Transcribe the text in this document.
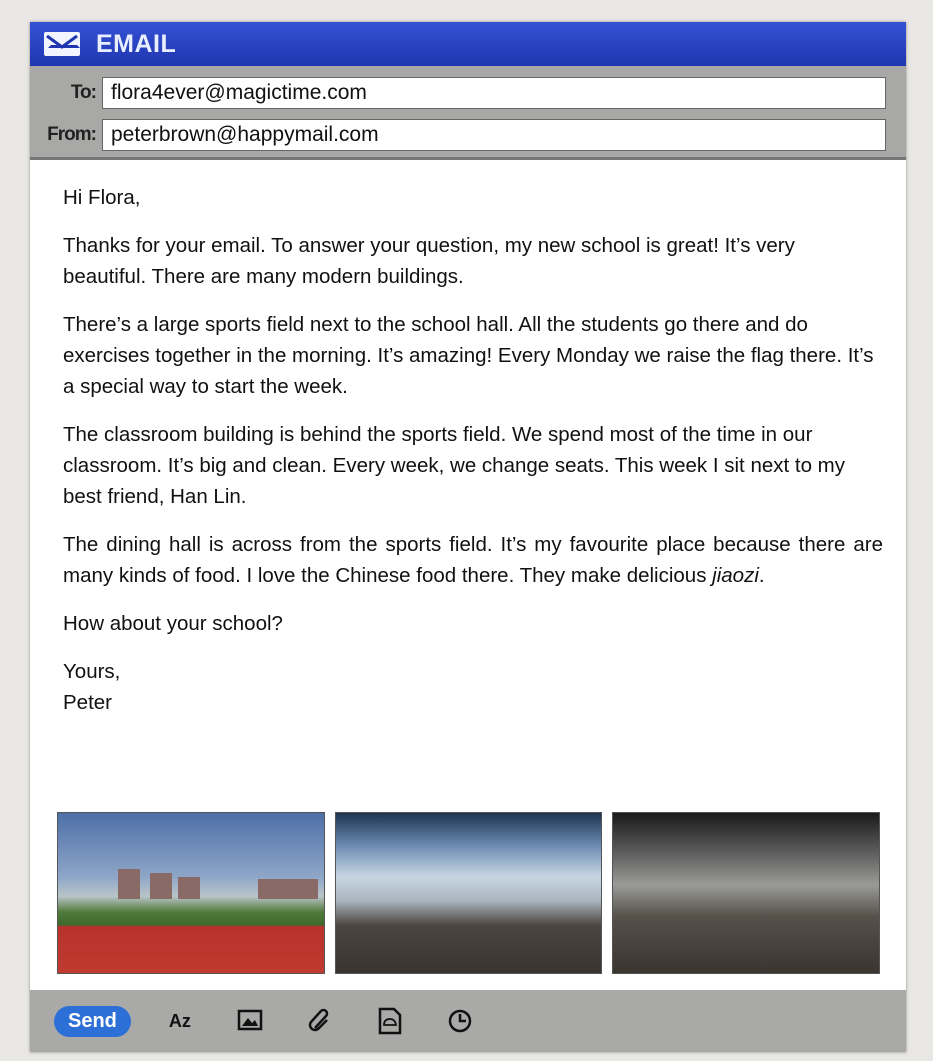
EMAIL
To: flora4ever@magictime.com
From: peterbrown@happymail.com

Hi Flora,

Thanks for your email. To answer your question, my new school is great! It’s very beautiful. There are many modern buildings.

There’s a large sports field next to the school hall. All the students go there and do exercises together in the morning. It’s amazing! Every Monday we raise the flag there. It’s a special way to start the week.

The classroom building is behind the sports field. We spend most of the time in our classroom. It’s big and clean. Every week, we change seats. This week I sit next to my best friend, Han Lin.

The dining hall is across from the sports field. It’s my favourite place because there are many kinds of food. I love the Chinese food there. They make delicious jiaozi.

How about your school?

Yours,
Peter
Send	Az
